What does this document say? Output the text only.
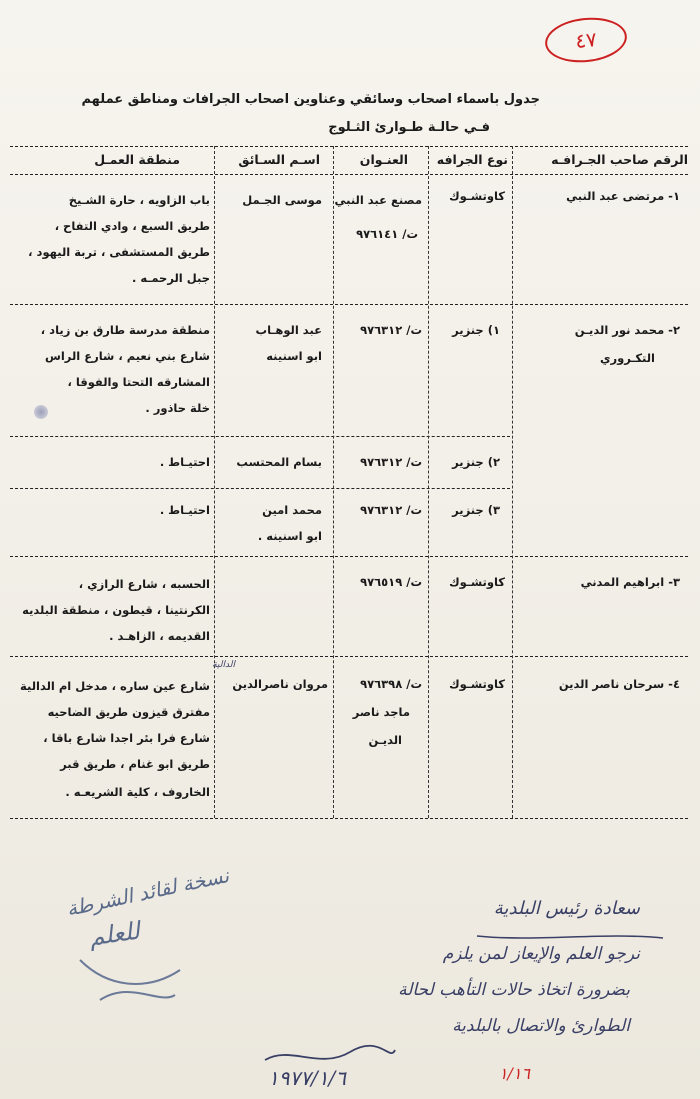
٤٧
جدول باسماء اصحاب وسائقي وعناوين اصحاب الجرافات ومناطق عملهم
فـي حالـة طـوارئ الثـلوج
الرقم صاحب الجـرافـه
نوع الجرافه
العنـوان
اسـم السـائق
منطقة العمـل
١- مرتضى عبد النبي
كاوتشـوك
مصنع عبد النبي
ت/ ٩٧٦١٤١
موسى الجـمل
باب الزاويه ، حارة الشـيخ
طريق السبع ، وادي التفاح ،
طريق المستشفى ، تربة اليهود ،
جبل الرحمـه .
٢- محمد نور الديـن
التكـروري
١) جنزير
ت/ ٩٧٦٣١٢
عبد الوهـاب
ابو اسنينه
منطقة مدرسة طارق بن زياد ،
شارع بني نعيم ، شارع الراس
المشارقه التحتا والفوقا ،
خلة حاذور .
٢) جنزير
ت/ ٩٧٦٣١٢
بسام المحتسب
احتيـاط .
٣) جنزير
ت/ ٩٧٦٣١٢
محمد امين
ابو اسنينه .
احتيـاط .
٣- ابراهيم المدني
كاوتشـوك
ت/ ٩٧٦٥١٩
الحسبه ، شارع الرازي ،
الكرنتينا ، قيطون ، منطقة البلديه
القديمه ، الزاهـد .
٤- سرحان ناصر الدين
كاوتشـوك
ت/ ٩٧٦٣٩٨
ماجد ناصر
الديـن
مروان ناصرالدين
الدالية
شارع عين ساره ، مدخل ام الدالية
مفترق قيزون طريق الضاحيه
شارع فرا بئر اجدا شارع باقا ،
طريق ابو غنام ، طريق قبر
الخاروف ، كلية الشريعـه .
نسخة لقائد الشرطة
للعلم
سعادة رئيس البلدية
نرجو العلم والإيعاز لمن يلزم
بضرورة اتخاذ حالات التأهب لحالة
الطوارئ والاتصال بالبلدية
١٩٧٧/١/٦	١/١٦
